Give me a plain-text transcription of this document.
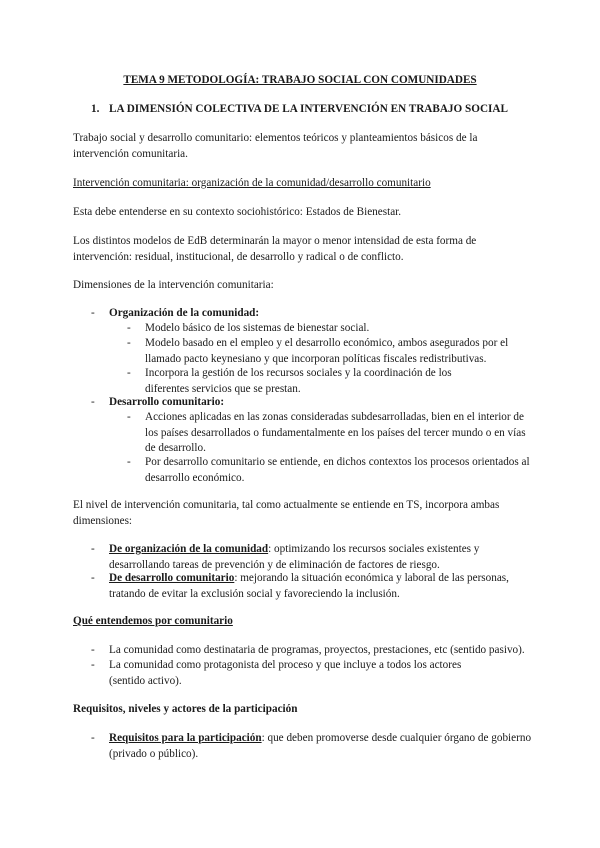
TEMA 9 METODOLOGÍA: TRABAJO SOCIAL CON COMUNIDADES
1. LA DIMENSIÓN COLECTIVA DE LA INTERVENCIÓN EN TRABAJO SOCIAL
Trabajo social y desarrollo comunitario: elementos teóricos y planteamientos básicos de la intervención comunitaria.
Intervención comunitaria: organización de la comunidad/desarrollo comunitario
Esta debe entenderse en su contexto sociohistórico: Estados de Bienestar.
Los distintos modelos de EdB determinarán la mayor o menor intensidad de esta forma de intervención: residual, institucional, de desarrollo y radical o de conflicto.
Dimensiones de la intervención comunitaria:
- Organización de la comunidad:
- Modelo básico de los sistemas de bienestar social.
- Modelo basado en el empleo y el desarrollo económico, ambos asegurados por el llamado pacto keynesiano y que incorporan políticas fiscales redistributivas.
- Incorpora la gestión de los recursos sociales y la coordinación de los diferentes servicios que se prestan.
- Desarrollo comunitario:
- Acciones aplicadas en las zonas consideradas subdesarrolladas, bien en el interior de los países desarrollados o fundamentalmente en los países del tercer mundo o en vías de desarrollo.
- Por desarrollo comunitario se entiende, en dichos contextos los procesos orientados al desarrollo económico.
El nivel de intervención comunitaria, tal como actualmente se entiende en TS, incorpora ambas dimensiones:
- De organización de la comunidad: optimizando los recursos sociales existentes y desarrollando tareas de prevención y de eliminación de factores de riesgo.
- De desarrollo comunitario: mejorando la situación económica y laboral de las personas, tratando de evitar la exclusión social y favoreciendo la inclusión.
Qué entendemos por comunitario
- La comunidad como destinataria de programas, proyectos, prestaciones, etc (sentido pasivo).
- La comunidad como protagonista del proceso y que incluye a todos los actores (sentido activo).
Requisitos, niveles y actores de la participación
- Requisitos para la participación: que deben promoverse desde cualquier órgano de gobierno (privado o público).
